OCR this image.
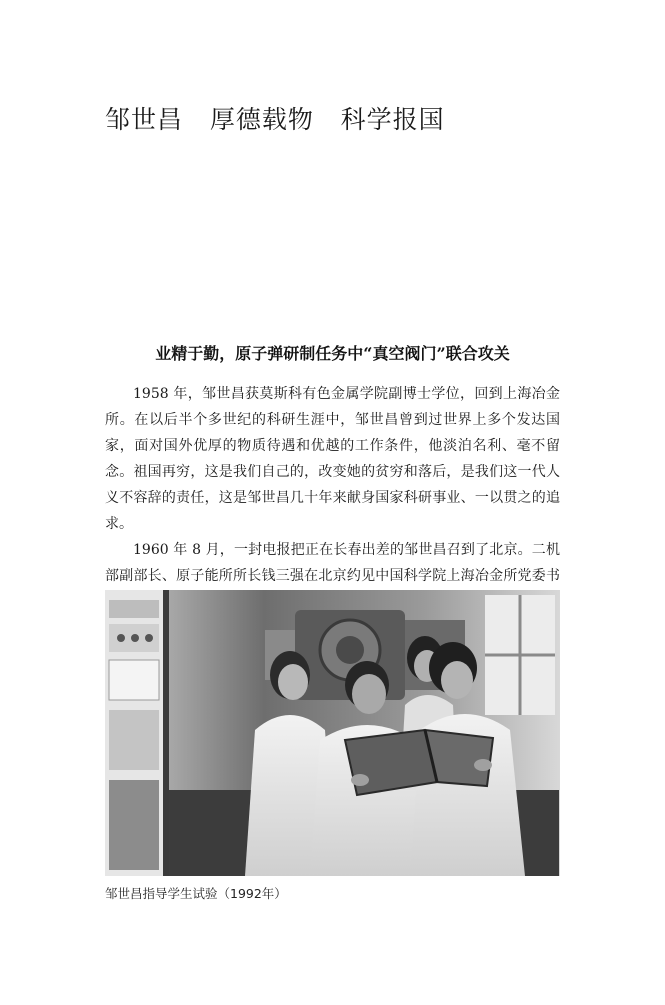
邹世昌   厚德载物   科学报国
业精于勤，原子弹研制任务中“真空阀门”联合攻关

1958 年，邹世昌获莫斯科有色金属学院副博士学位，回到上海冶金所。在以后半个多世纪的科研生涯中，邹世昌曾到过世界上多个发达国家，面对国外优厚的物质待遇和优越的工作条件，他淡泊名利、毫不留念。祖国再穷，这是我们自己的，改变她的贫穷和落后，是我们这一代人义不容辞的责任，这是邹世昌几十年来献身国家科研事业、一以贯之的追求。

1960 年 8 月，一封电报把正在长春出差的邹世昌召到了北京。二机部副部长、原子能所所长钱三强在北京约见中国科学院上海冶金所党委书

邹世昌指导学生试验（1992年）
